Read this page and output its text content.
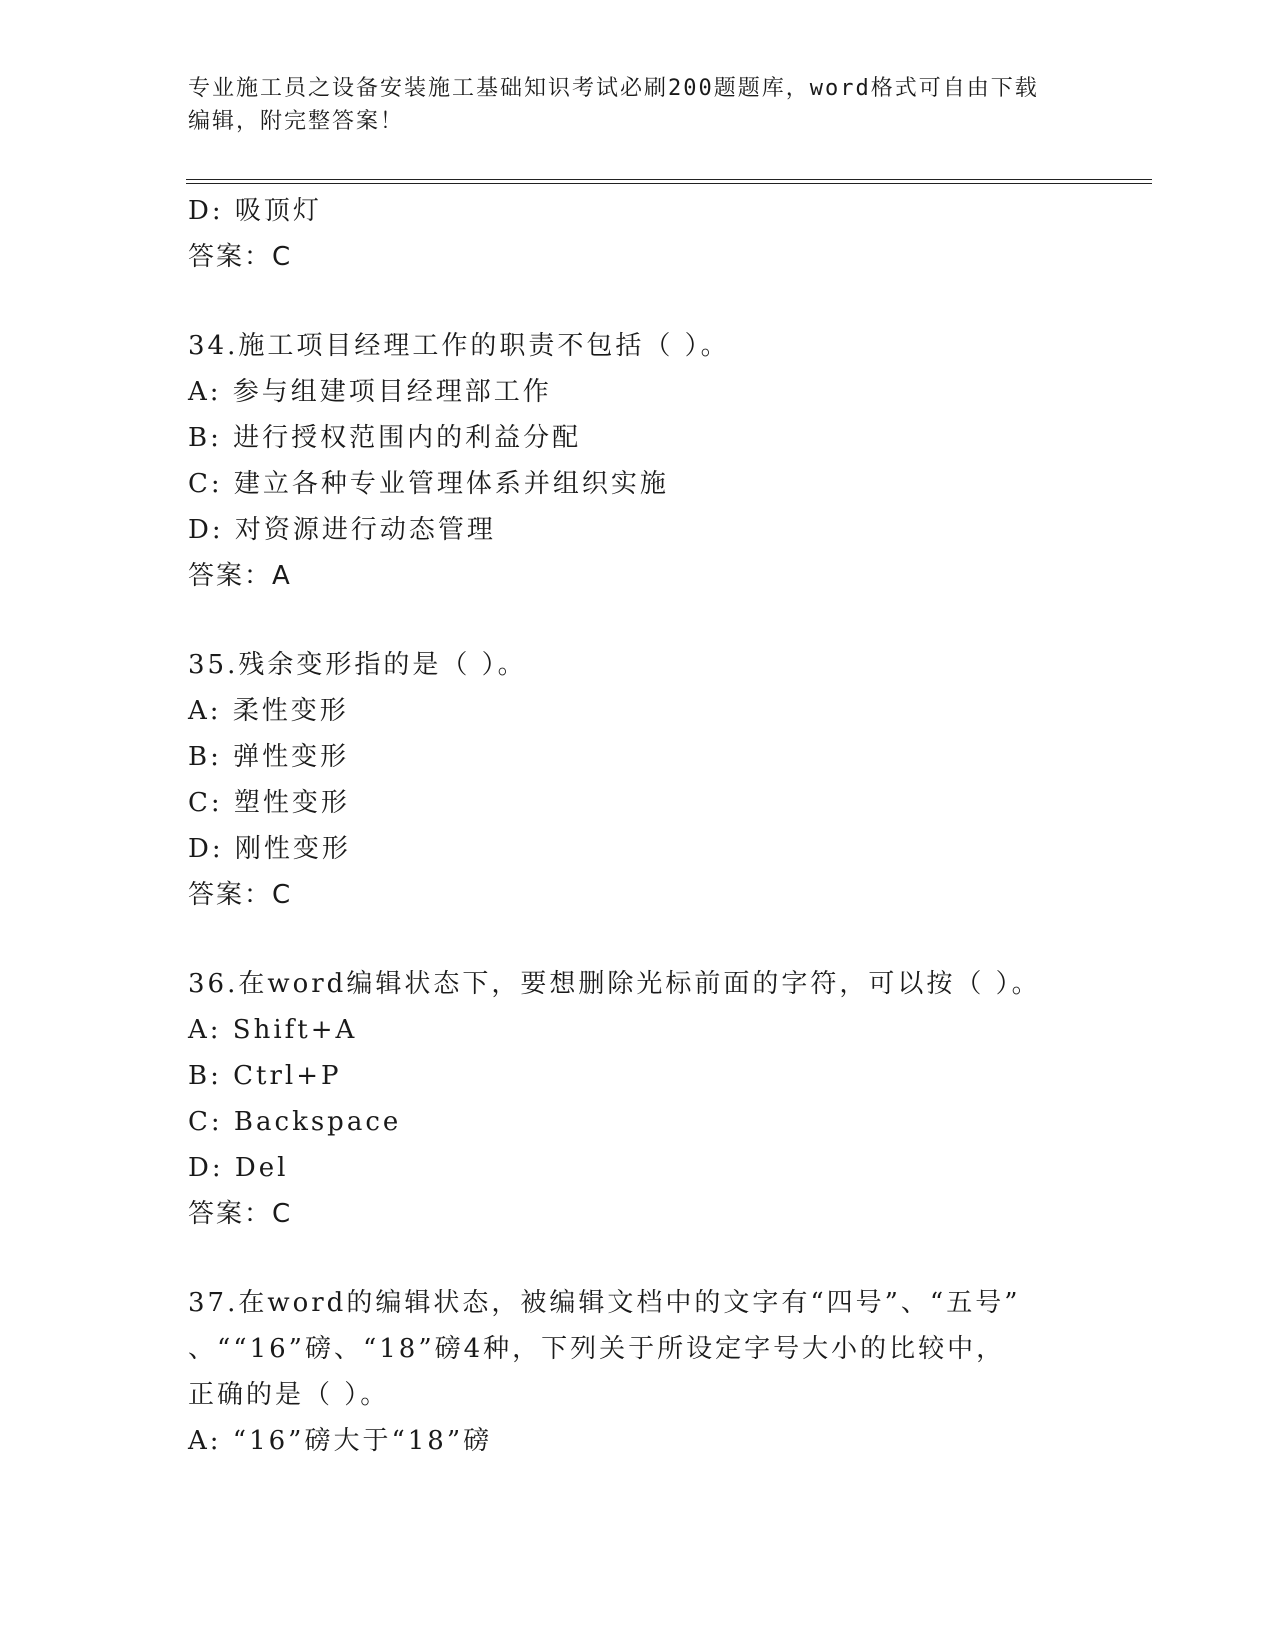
专业施工员之设备安装施工基础知识考试必刷200题题库，word格式可自由下载
编辑，附完整答案！
D: 吸顶灯
答案：C
34.施工项目经理工作的职责不包括（ ）。
A: 参与组建项目经理部工作
B: 进行授权范围内的利益分配
C: 建立各种专业管理体系并组织实施
D: 对资源进行动态管理
答案：A
35.残余变形指的是（ ）。
A: 柔性变形
B: 弹性变形
C: 塑性变形
D: 刚性变形
答案：C
36.在word编辑状态下，要想删除光标前面的字符，可以按（ ）。
A: Shift+A
B: Ctrl+P
C: Backspace
D: Del
答案：C
37.在word的编辑状态，被编辑文档中的文字有“四号”、“五号”
、““16”磅、“18”磅4种，下列关于所设定字号大小的比较中，
正确的是（ ）。
A: “16”磅大于“18”磅
